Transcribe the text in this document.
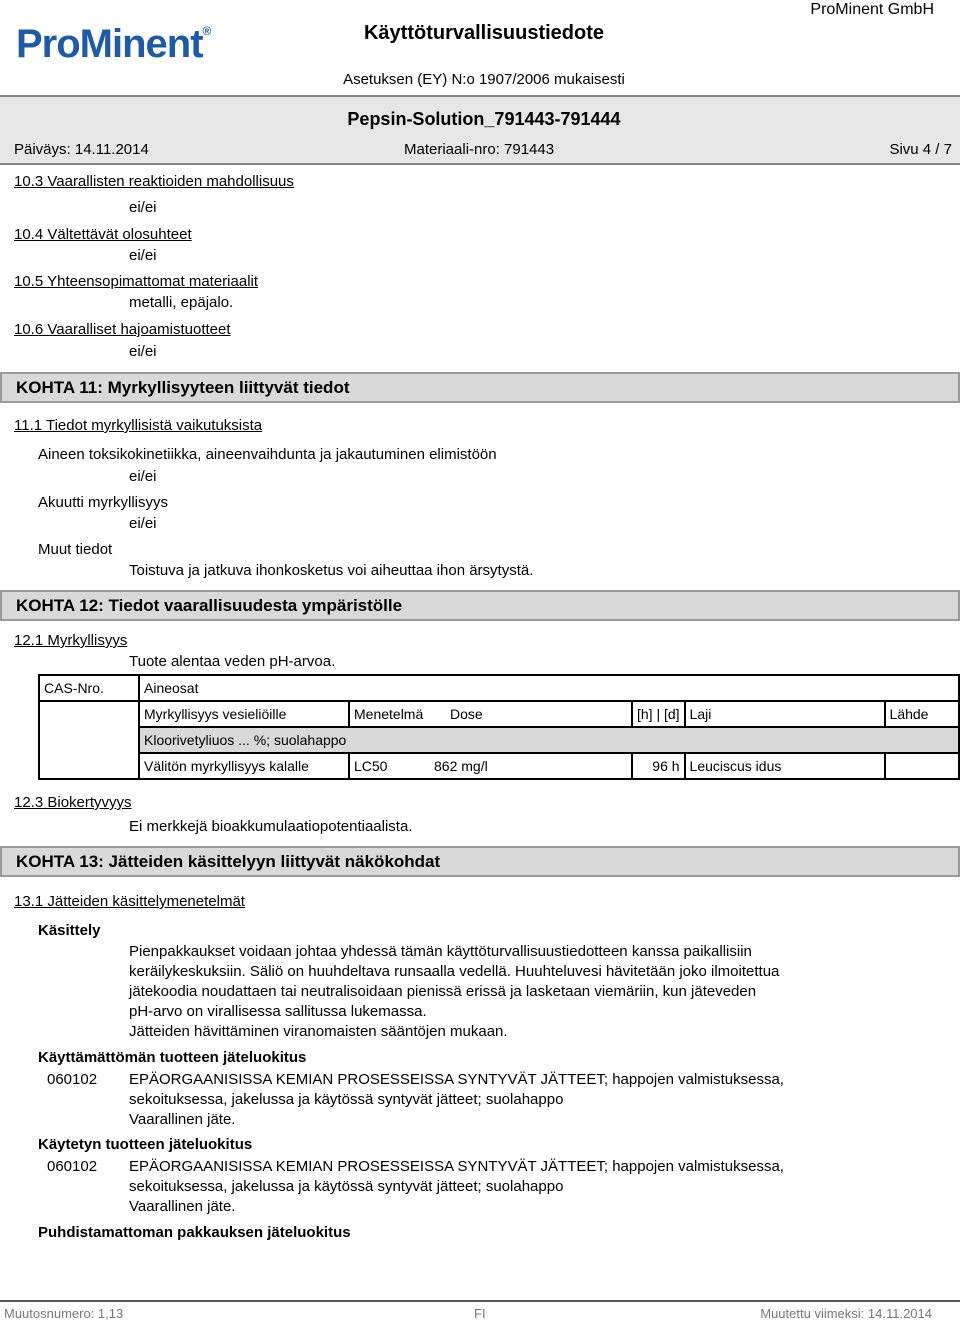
ProMinent®
ProMinent GmbH
Käyttöturvallisuustiedote
Asetuksen (EY) N:o 1907/2006 mukaisesti
Pepsin-Solution_791443-791444
Päiväys: 14.11.2014	Materiaali-nro: 791443	Sivu 4 / 7
10.3 Vaarallisten reaktioiden mahdollisuus
ei/ei
10.4 Vältettävät olosuhteet
ei/ei
10.5 Yhteensopimattomat materiaalit
metalli, epäjalo.
10.6 Vaaralliset hajoamistuotteet
ei/ei
KOHTA 11: Myrkyllisyyteen liittyvät tiedot
11.1 Tiedot myrkyllisistä vaikutuksista
Aineen toksikokinetiikka, aineenvaihdunta ja jakautuminen elimistöön
ei/ei
Akuutti myrkyllisyys
ei/ei
Muut tiedot
Toistuva ja jatkuva ihonkosketus voi aiheuttaa ihon ärsytystä.
KOHTA 12: Tiedot vaarallisuudesta ympäristölle
12.1 Myrkyllisyys
Tuote alentaa veden pH-arvoa.
CAS-Nro.	Aineosat				
	Myrkyllisyys vesieliöille	Menetelmä Dose	[h] | [d]	Laji	Lähde
	Kloorivetyliuos ... %; suolahappo				
	Välitön myrkyllisyys kalalle	LC50 862 mg/l	96 h	Leuciscus idus	
12.3 Biokertyvyys
Ei merkkejä bioakkumulaatiopotentiaalista.
KOHTA 13: Jätteiden käsittelyyn liittyvät näkökohdat
13.1 Jätteiden käsittelymenetelmät
Käsittely
Pienpakkaukset voidaan johtaa yhdessä tämän käyttöturvallisuustiedotteen kanssa paikallisiin
keräilykeskuksiin. Säliö on huuhdeltava runsaalla vedellä. Huuhteluvesi hävitetään joko ilmoitettua
jätekoodia noudattaen tai neutralisoidaan pienissä erissä ja lasketaan viemäriin, kun jäteveden
pH-arvo on virallisessa sallitussa lukemassa.
Jätteiden hävittäminen viranomaisten sääntöjen mukaan.
Käyttämättömän tuotteen jäteluokitus
060102 EPÄORGAANISISSA KEMIAN PROSESSEISSA SYNTYVÄT JÄTTEET; happojen valmistuksessa,
sekoituksessa, jakelussa ja käytössä syntyvät jätteet; suolahappo
Vaarallinen jäte.
Käytetyn tuotteen jäteluokitus
060102 EPÄORGAANISISSA KEMIAN PROSESSEISSA SYNTYVÄT JÄTTEET; happojen valmistuksessa,
sekoituksessa, jakelussa ja käytössä syntyvät jätteet; suolahappo
Vaarallinen jäte.
Puhdistamattoman pakkauksen jäteluokitus
Muutosnumero: 1,13	FI	Muutettu viimeksi: 14.11.2014
